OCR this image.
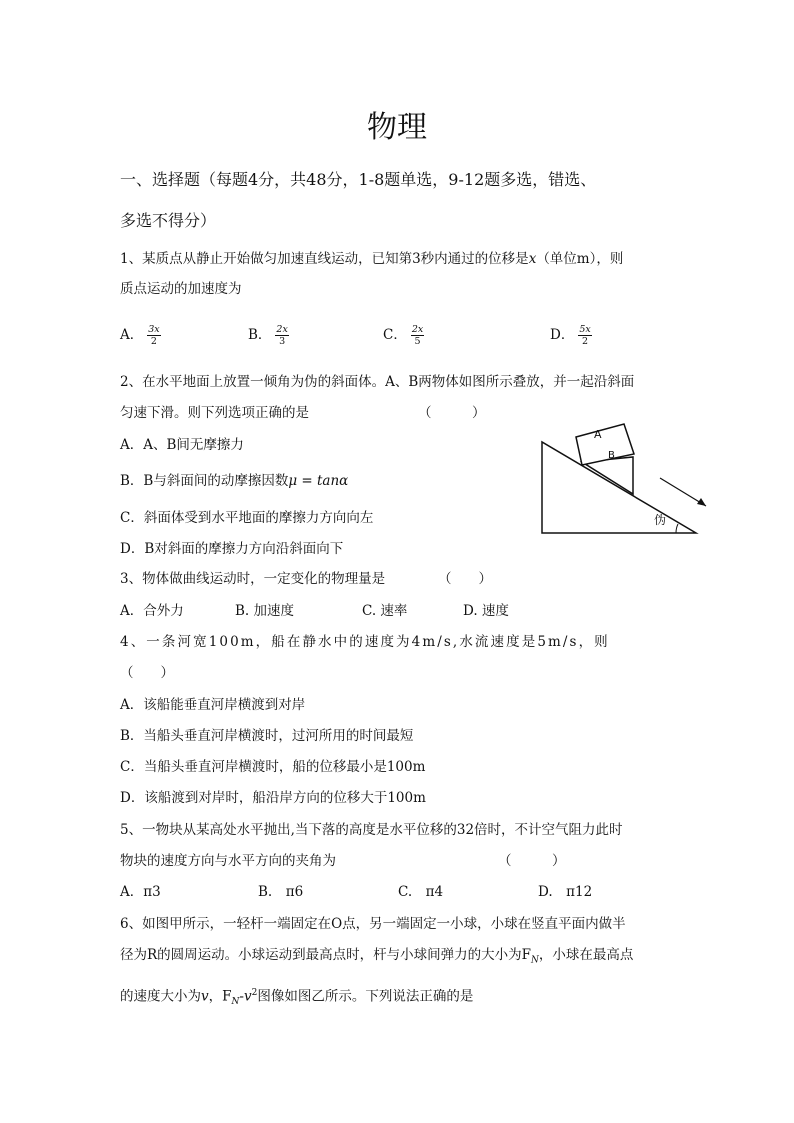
物理
一、选择题（每题4分，共48分，1-8题单选，9-12题多选，错选、
多选不得分）
1、某质点从静止开始做匀加速直线运动，已知第3秒内通过的位移是x（单位m），则
质点运动的加速度为
A． $\frac{3x}{2}$	B． $\frac{2x}{3}$	C． $\frac{2x}{5}$	D． $\frac{5x}{2}$
2、在水平地面上放置一倾角为伪的斜面体。A、B两物体如图所示叠放，并一起沿斜面
匀速下滑。则下列选项正确的是	（　　　）
A．A、B间无摩擦力
B．B与斜面间的动摩擦因数μ = tanα
C．斜面体受到水平地面的摩擦力方向向左
D．B对斜面的摩擦力方向沿斜面向下
A
B
伪
3、物体做曲线运动时，一定变化的物理量是	（　　）
A．合外力	B. 加速度	C. 速率	D. 速度
4、一条河宽100m，船在静水中的速度为4m/s,水流速度是5m/s，则
（　　）
A．该船能垂直河岸横渡到对岸
B．当船头垂直河岸横渡时，过河所用的时间最短
C．当船头垂直河岸横渡时，船的位移最小是100m
D．该船渡到对岸时，船沿岸方向的位移大于100m
5、一物块从某高处水平抛出,当下落的高度是水平位移的32倍时，不计空气阻力此时
物块的速度方向与水平方向的夹角为	（　　　）
A．π3	B.　π6	C.　π4	D.　π12
6、如图甲所示，一轻杆一端固定在O点，另一端固定一小球，小球在竖直平面内做半
径为R的圆周运动。小球运动到最高点时，杆与小球间弹力的大小为$F_N$，小球在最高点
的速度大小为v，$F_N-v^2$图像如图乙所示。下列说法正确的是
